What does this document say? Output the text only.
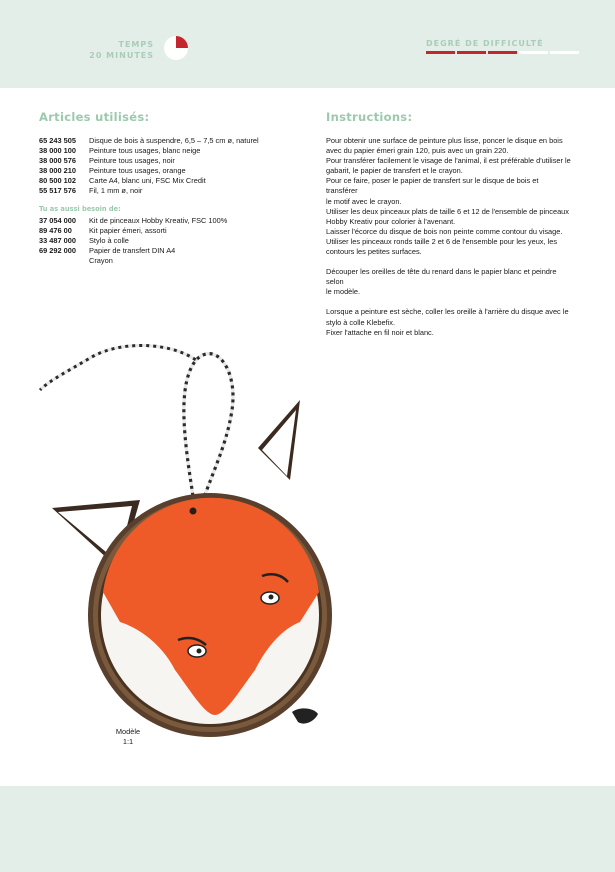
TEMPS
20 MINUTES
DEGRÉ DE DIFFICULTÉ
Articles utilisés:	Instructions:
65 243 505	Disque de bois à suspendre, 6,5 – 7,5 cm ø, naturel
38 000 100	Peinture tous usages, blanc neige
38 000 576	Peinture tous usages, noir
38 000 210	Peinture tous usages, orange
80 500 102	Carte A4, blanc uni, FSC Mix Credit
55 517 576	Fil, 1 mm ø, noir
Tu as aussi besoin de:
37 054 000	Kit de pinceaux Hobby Kreativ, FSC 100%
89 476 00	Kit papier émeri, assorti
33 487 000	Stylo à colle
69 292 000	Papier de transfert DIN A4
Crayon
Pour obtenir une surface de peinture plus lisse, poncer le disque en bois
avec du papier émeri grain 120, puis avec un grain 220.
Pour transférer facilement le visage de l'animal, il est préférable d'utiliser le
gabarit, le papier de transfert et le crayon.
Pour ce faire, poser le papier de transfert sur le disque de bois et transférer
le motif avec le crayon.
Utiliser les deux pinceaux plats de taille 6 et 12 de l'ensemble de pinceaux
Hobby Kreativ pour colorier à l'avenant.
Laisser l'écorce du disque de bois non peinte comme contour du visage.
Utiliser les pinceaux ronds taille 2 et 6 de l'ensemble pour les yeux, les
contours les petites surfaces.
Découper les oreilles de tête du renard dans le papier blanc et peindre selon
le modèle.
Lorsque a peinture est sèche, coller les oreille à l'arrière du disque avec le
stylo à colle Klebefix.
Fixer l'attache en fil noir et blanc.
Modèle
1:1
